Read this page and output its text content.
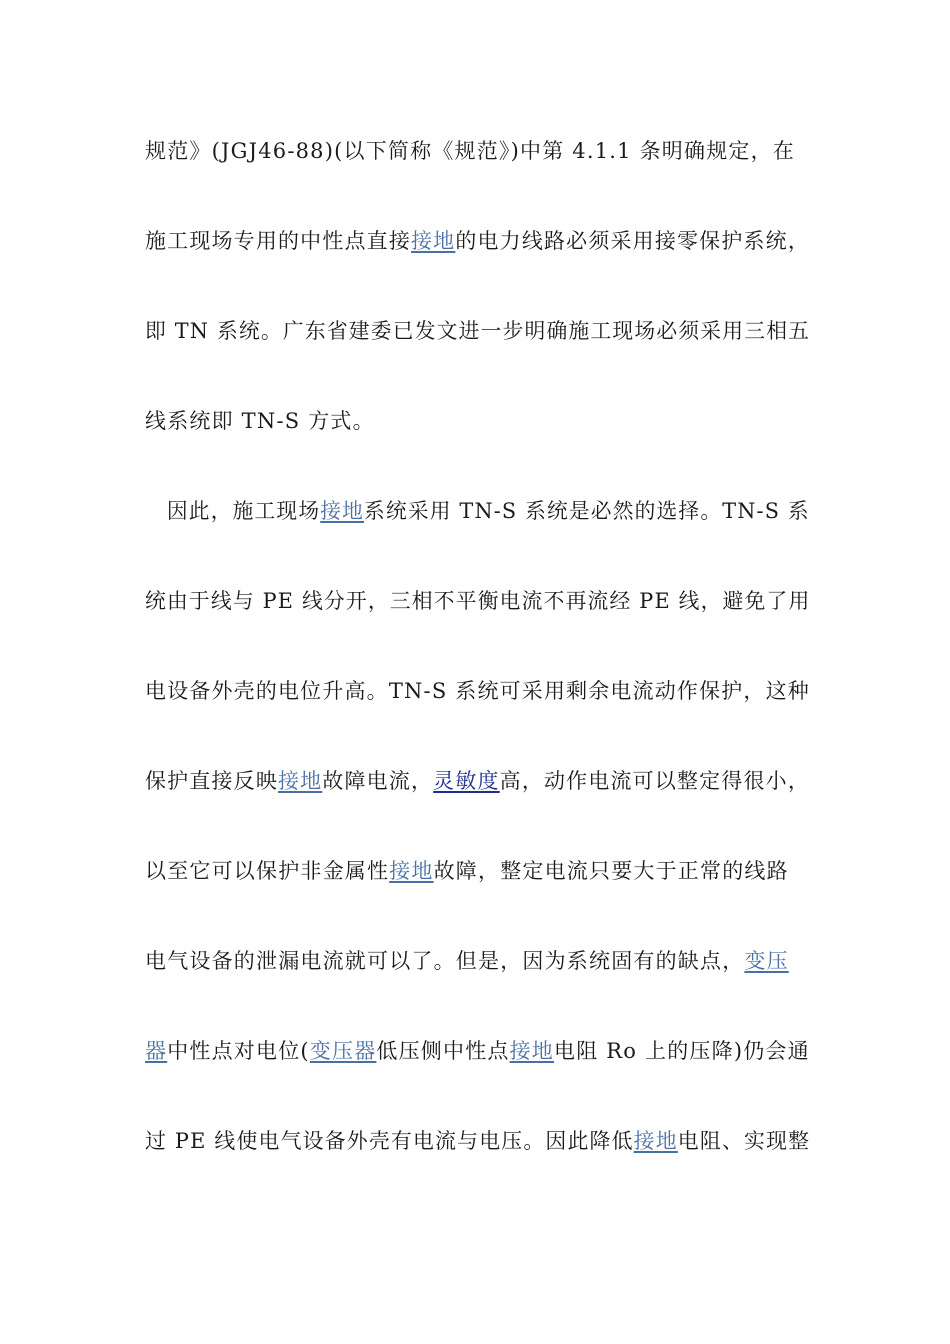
规范》(JGJ46-88)(以下简称《规范》)中第 4.1.1 条明确规定，在
施工现场专用的中性点直接接地的电力线路必须采用接零保护系统，
即 TN 系统。广东省建委已发文进一步明确施工现场必须采用三相五
线系统即 TN-S 方式。
　因此，施工现场接地系统采用 TN-S 系统是必然的选择。TN-S 系
统由于线与 PE 线分开，三相不平衡电流不再流经 PE 线，避免了用
电设备外壳的电位升高。TN-S 系统可采用剩余电流动作保护，这种
保护直接反映接地故障电流，灵敏度高，动作电流可以整定得很小，
以至它可以保护非金属性接地故障，整定电流只要大于正常的线路
电气设备的泄漏电流就可以了。但是，因为系统固有的缺点，变压
器中性点对电位(变压器低压侧中性点接地电阻 Ro 上的压降)仍会通
过 PE 线使电气设备外壳有电流与电压。因此降低接地电阻、实现整
